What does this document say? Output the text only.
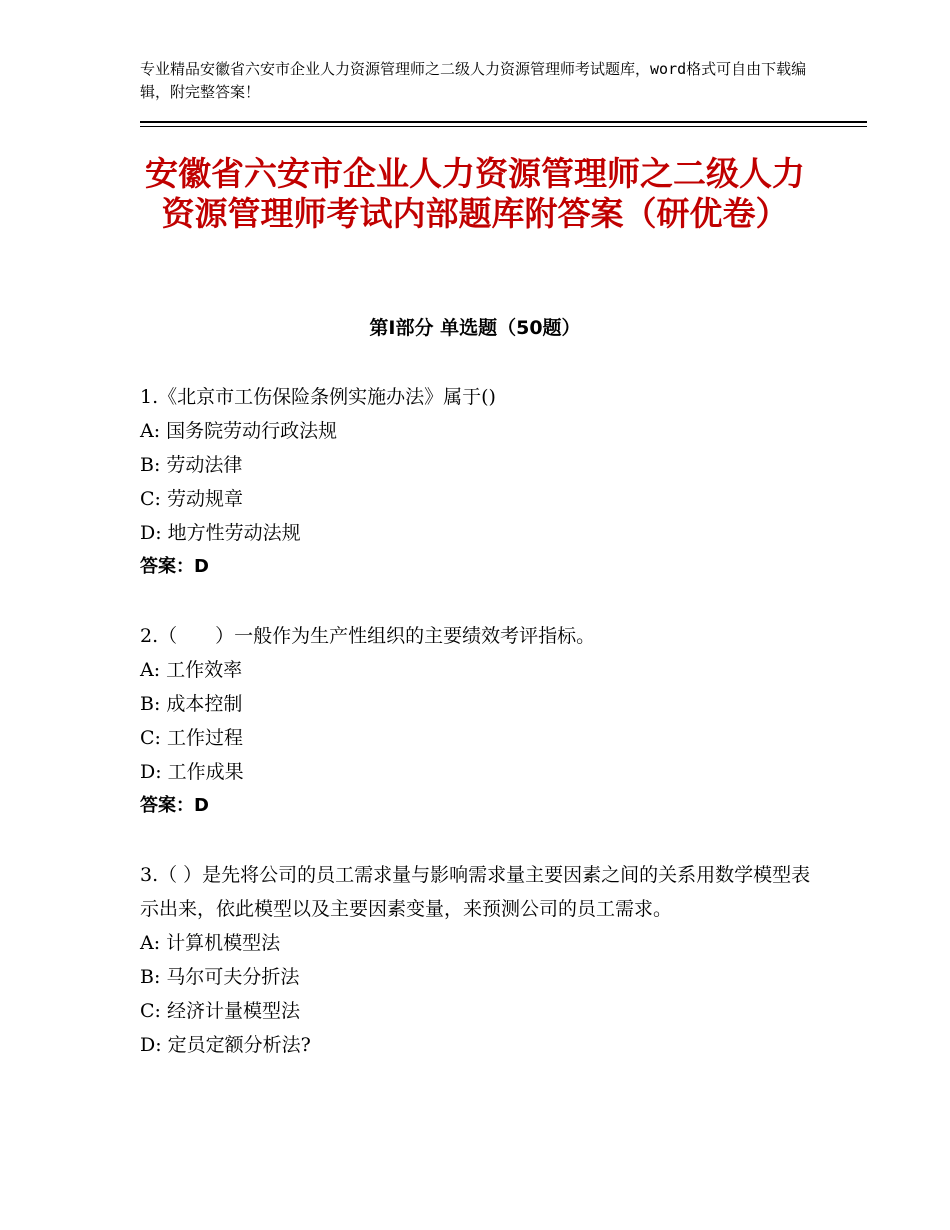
专业精品安徽省六安市企业人力资源管理师之二级人力资源管理师考试题库，word格式可自由下载编辑，附完整答案！
安徽省六安市企业人力资源管理师之二级人力资源管理师考试内部题库附答案（研优卷）
第Ⅰ部分 单选题（50题）
1.《北京市工伤保险条例实施办法》属于()
A: 国务院劳动行政法规
B: 劳动法律
C: 劳动规章
D: 地方性劳动法规
答案：D
2.（　　）一般作为生产性组织的主要绩效考评指标。
A: 工作效率
B: 成本控制
C: 工作过程
D: 工作成果
答案：D
3.（ ）是先将公司的员工需求量与影响需求量主要因素之间的关系用数学模型表示出来，依此模型以及主要因素变量，来预测公司的员工需求。
A: 计算机模型法
B: 马尔可夫分折法
C: 经济计量模型法
D: 定员定额分析法?
